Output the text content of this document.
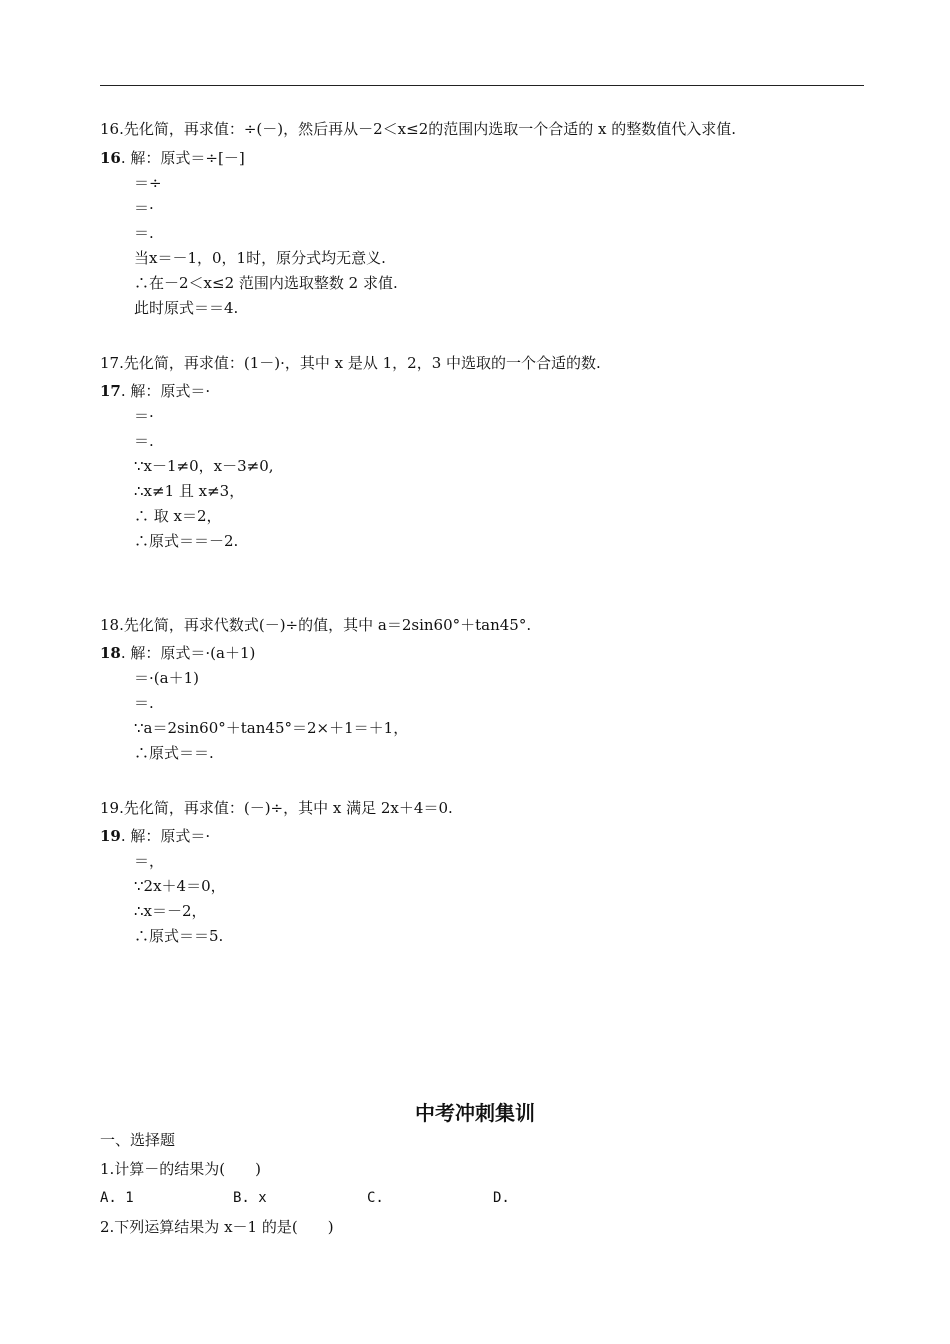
16.先化简，再求值：÷(－)，然后再从－2＜x≤2的范围内选取一个合适的 x 的整数值代入求值.
16. 解：原式＝÷[－]
＝÷
＝·
＝.
当x＝－1，0，1时，原分式均无意义.
∴在－2＜x≤2 范围内选取整数 2 求值.
此时原式＝＝4.
17.先化简，再求值：(1－)·，其中 x 是从 1，2，3 中选取的一个合适的数.
17. 解：原式＝·
＝·
＝.
∵x－1≠0，x－3≠0,
∴x≠1 且 x≠3，
∴ 取 x＝2，
∴原式＝＝－2.
18.先化简，再求代数式(－)÷的值，其中 a＝2sin60°＋tan45°.
18. 解：原式＝·(a＋1)
＝·(a＋1)
＝.
∵a＝2sin60°＋tan45°＝2×＋1＝＋1，
∴原式＝＝.
19.先化简，再求值：(－)÷，其中 x 满足 2x＋4＝0.
19. 解：原式＝·
＝，
∵2x＋4＝0，
∴x＝－2，
∴原式＝＝5.
中考冲刺集训
一、选择题
1.计算－的结果为(　　)
A. 1	B. x	C.	D.
2.下列运算结果为 x－1 的是(　　)
